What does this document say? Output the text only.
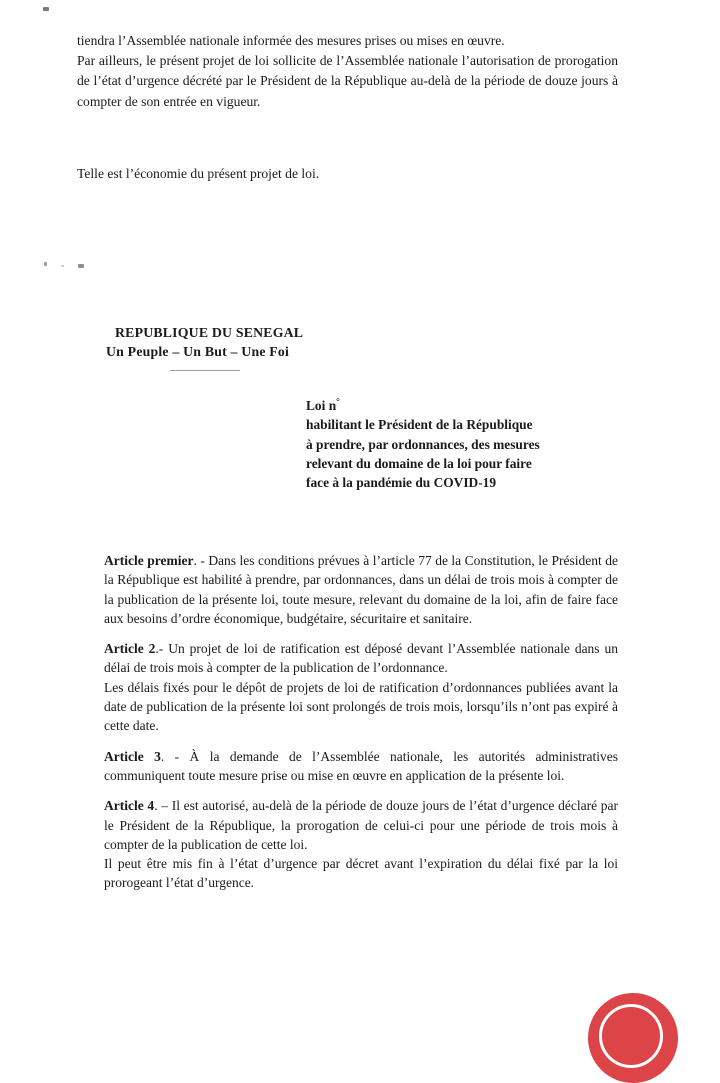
tiendra l’Assemblée nationale informée des mesures prises ou mises en œuvre.

Par ailleurs, le présent projet de loi sollicite de l’Assemblée nationale l’autorisation de prorogation de l’état d’urgence décrété par le Président de la République au-delà de la période de douze jours à compter de son entrée en vigueur.

Telle est l’économie du présent projet de loi.
REPUBLIQUE DU SENEGAL
Un Peuple – Un But – Une Foi
Loi n°
habilitant le Président de la République
à prendre, par ordonnances, des mesures
relevant du domaine de la loi pour faire
face à la pandémie du COVID-19

Article premier. - Dans les conditions prévues à l’article 77 de la Constitution, le Président de la République est habilité à prendre, par ordonnances, dans un délai de trois mois à compter de la publication de la présente loi, toute mesure, relevant du domaine de la loi, afin de faire face aux besoins d’ordre économique, budgétaire, sécuritaire et sanitaire.

Article 2.- Un projet de loi de ratification est déposé devant l’Assemblée nationale dans un délai de trois mois à compter de la publication de l’ordonnance.
Les délais fixés pour le dépôt de projets de loi de ratification d’ordonnances publiées avant la date de publication de la présente loi sont prolongés de trois mois, lorsqu’ils n’ont pas expiré à cette date.

Article 3. - À la demande de l’Assemblée nationale, les autorités administratives communiquent toute mesure prise ou mise en œuvre en application de la présente loi.

Article 4. – Il est autorisé, au-delà de la période de douze jours de l’état d’urgence déclaré par le Président de la République, la prorogation de celui-ci pour une période de trois mois à compter de la publication de cette loi.
Il peut être mis fin à l’état d’urgence par décret avant l’expiration du délai fixé par la loi prorogeant l’état d’urgence.
